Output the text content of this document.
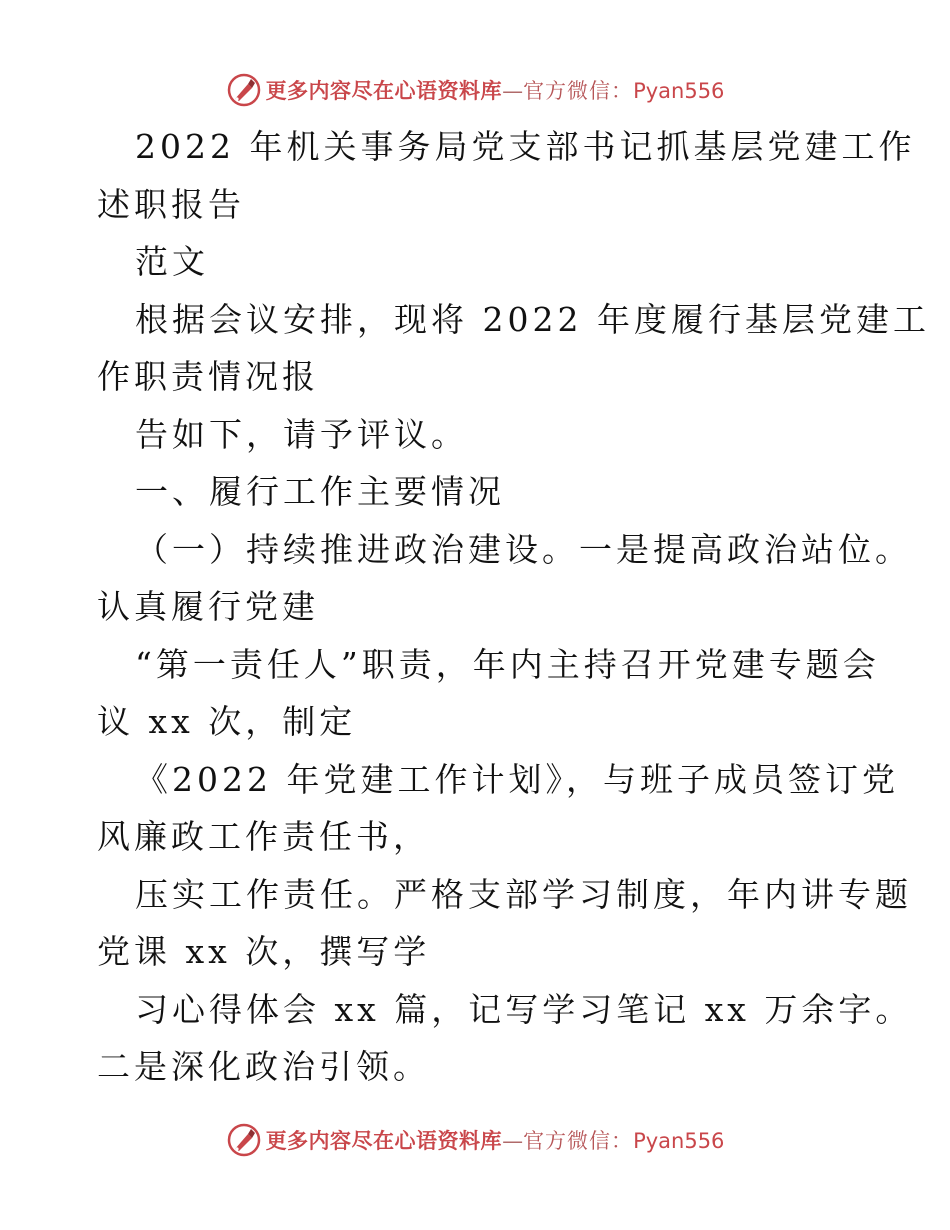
更多内容尽在心语资料库—官方微信：Pyan556
2022 年机关事务局党支部书记抓基层党建工作
述职报告
范文
根据会议安排，现将 2022 年度履行基层党建工
作职责情况报
告如下，请予评议。
一、履行工作主要情况
（一）持续推进政治建设。一是提高政治站位。
认真履行党建
“第一责任人”职责，年内主持召开党建专题会
议 xx 次，制定
《2022 年党建工作计划》，与班子成员签订党
风廉政工作责任书，
压实工作责任。严格支部学习制度，年内讲专题
党课 xx 次，撰写学
习心得体会 xx 篇，记写学习笔记 xx 万余字。
二是深化政治引领。
更多内容尽在心语资料库—官方微信：Pyan556
